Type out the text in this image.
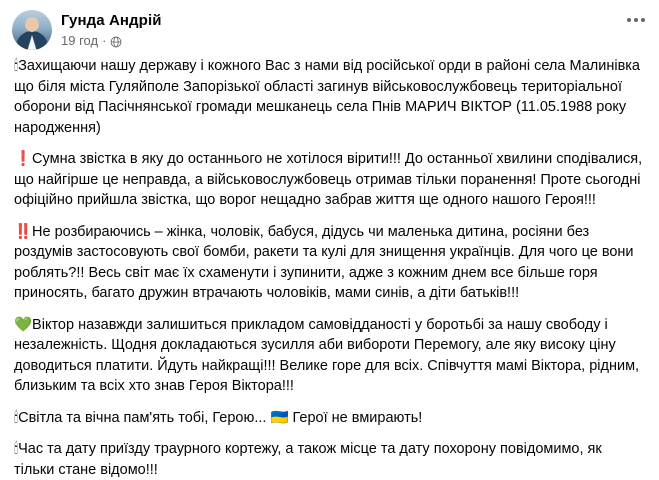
Гунда Андрій
19 год ·

🕯Захищаючи нашу державу і кожного Вас з нами від російської орди в районі села Малинівка що біля міста Гуляйполе Запорізької області загинув військовослужбовець територіальної оборони від Пасічнянської громади мешканець села Пнів МАРИЧ ВІКТОР (11.05.1988 року народження)

❗️Сумна звістка в яку до останнього не хотілося вірити!!! До останньої хвилини сподівалися, що найгірше це неправда, а військовослужбовець отримав тільки поранення! Проте сьогодні офіційно прийшла звістка, що ворог нещадно забрав життя ще одного нашого Героя!!!

‼️Не розбираючись – жінка, чоловік, бабуся, дідусь чи маленька дитина, росіяни без роздумів застосовують свої бомби, ракети та кулі для знищення українців. Для чого це вони роблять?!! Весь світ має їх схаменути і зупинити, адже з кожним днем все більше горя приносять, багато дружин втрачають чоловіків, мами синів, а діти батьків!!!

💚Віктор назавжди залишиться прикладом самовідданості у боротьбі за нашу свободу і незалежність. Щодня докладаються зусилля аби вибороти Перемогу, але яку високу ціну доводиться платити. Йдуть найкращі!!! Велике горе для всіх. Співчуття мамі Віктора, рідним, близьким та всіх хто знав Героя Віктора!!!

🕯Світла та вічна пам'ять тобі, Герою... 🇺🇦 Герої не вмирають!

🕯Час та дату приїзду траурного кортежу, а також місце та дату похорону повідомимо, як тільки стане відомо!!!
